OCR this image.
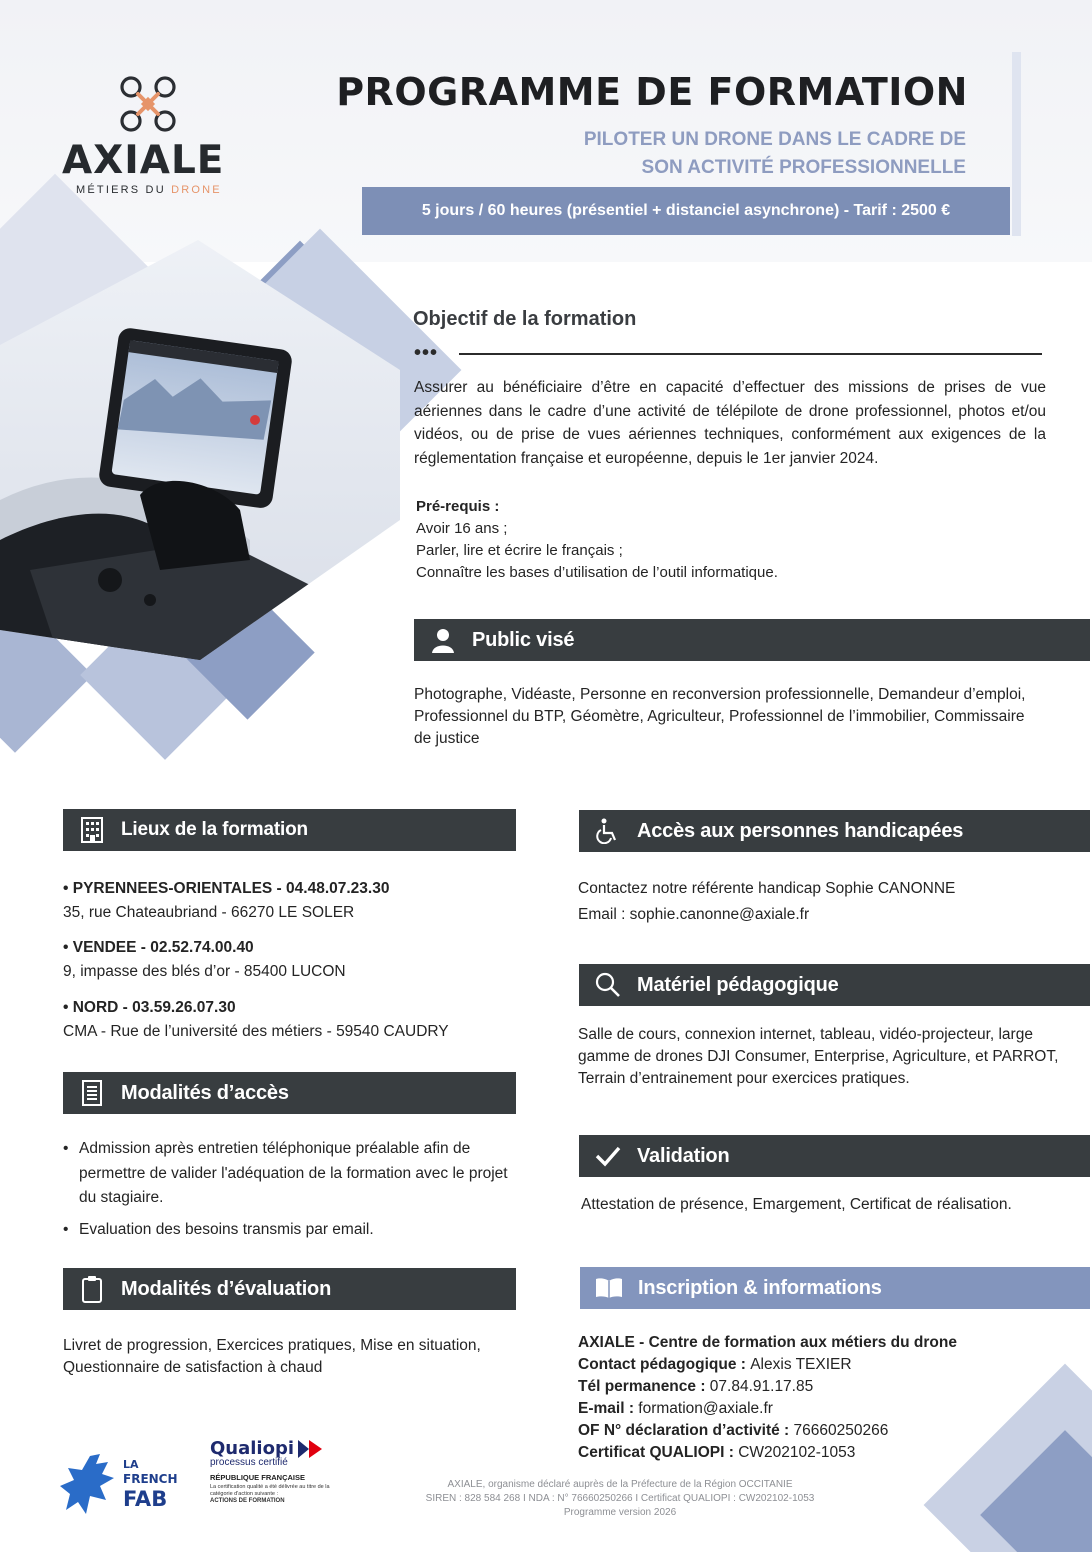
AXIALE
MÉTIERS DU DRONE
PROGRAMME DE FORMATION
PILOTER UN DRONE DANS LE CADRE DE
SON ACTIVITÉ PROFESSIONNELLE
5 jours / 60 heures (présentiel + distanciel asynchrone) - Tarif : 2500 €
Objectif de la formation
•••
Assurer au bénéficiaire d’être en capacité d’effectuer des missions de prises de vue aériennes dans le cadre d’une activité de télépilote de drone professionnel, photos et/ou vidéos, ou de prise de vues aériennes techniques, conformément aux exigences de la réglementation française et européenne, depuis le 1er janvier 2024.
Pré-requis :
Avoir 16 ans ;
Parler, lire et écrire le français ;
Connaître les bases d’utilisation de l’outil informatique.
Public visé
Photographe, Vidéaste, Personne en reconversion professionnelle, Demandeur d’emploi, Professionnel du BTP, Géomètre, Agriculteur, Professionnel de l’immobilier, Commissaire de justice
Lieux de la formation
• PYRENNEES-ORIENTALES - 04.48.07.23.30
35, rue Chateaubriand - 66270 LE SOLER
• VENDEE - 02.52.74.00.40
9, impasse des blés d’or - 85400 LUCON
• NORD - 03.59.26.07.30
CMA - Rue de l’université des métiers - 59540 CAUDRY
Modalités d’accès
• Admission après entretien téléphonique préalable afin de permettre de valider l'adéquation de la formation avec le projet du stagiaire.
• Evaluation des besoins transmis par email.
Modalités d’évaluation
Livret de progression, Exercices pratiques, Mise en situation, Questionnaire de satisfaction à chaud
Accès aux personnes handicapées
Contactez notre référente handicap Sophie CANONNE
Email : sophie.canonne@axiale.fr
Matériel pédagogique
Salle de cours, connexion internet, tableau, vidéo-projecteur, large gamme de drones DJI Consumer, Enterprise, Agriculture, et PARROT, Terrain d’entrainement pour exercices pratiques.
Validation
Attestation de présence, Emargement, Certificat de réalisation.
Inscription & informations
AXIALE - Centre de formation aux métiers du drone
Contact pédagogique : Alexis TEXIER
Tél permanence : 07.84.91.17.85
E-mail : formation@axiale.fr
OF N° déclaration d’activité : 76660250266
Certificat QUALIOPI : CW202102-1053
LA
FRENCH
FAB
Qualiopi
processus certifié
RÉPUBLIQUE FRANÇAISE
La certification qualité a été délivrée au titre de la catégorie d'action suivante :
ACTIONS DE FORMATION
AXIALE, organisme déclaré auprès de la Préfecture de la Région OCCITANIE
SIREN : 828 584 268 I NDA : N° 76660250266 I Certificat QUALIOPI : CW202102-1053
Programme version 2026
